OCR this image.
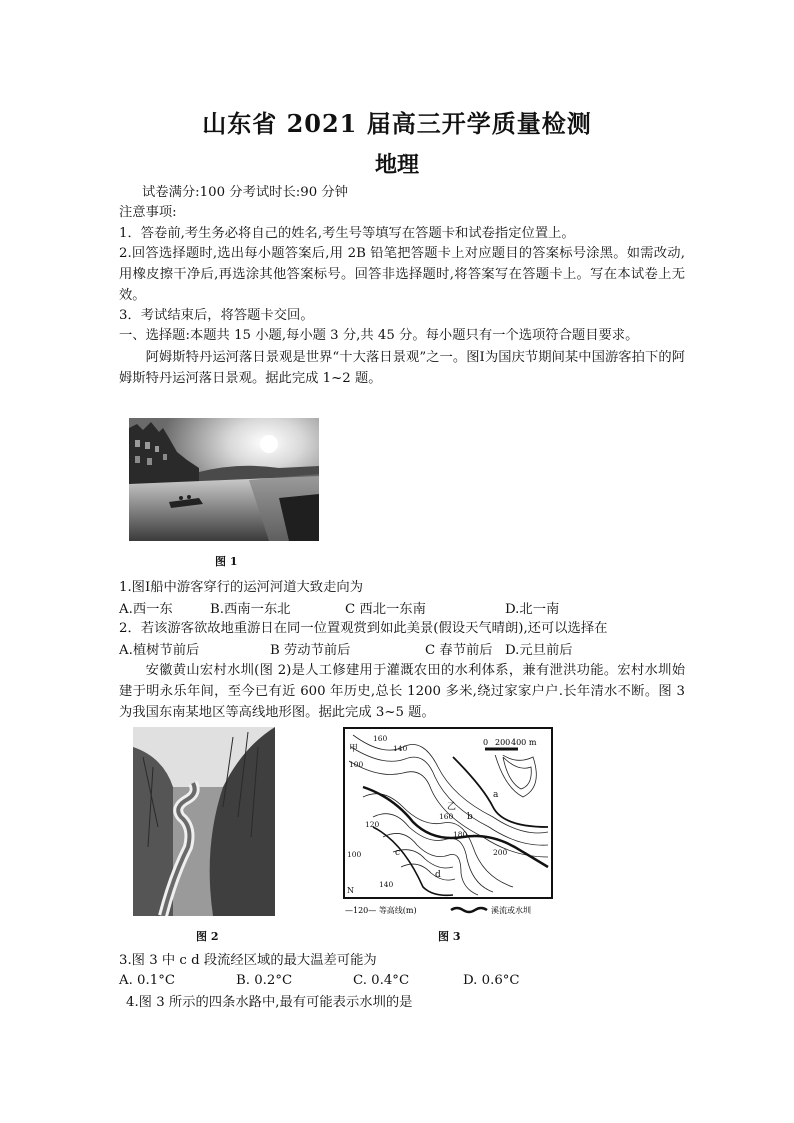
山东省 2021 届高三开学质量检测
地理
试卷满分:100 分考试时长:90 分钟
注意事项:
1．答卷前,考生务必将自己的姓名,考生号等填写在答题卡和试卷指定位置上。
2.回答选择题时,选出每小题答案后,用 2B 铅笔把答题卡上对应题目的答案标号涂黑。如需改动,用橡皮擦干净后,再选涂其他答案标号。回答非选择题时,将答案写在答题卡上。写在本试卷上无效。
3．考试结束后，将答题卡交回。
一、选择题:本题共 15 小题,每小题 3 分,共 45 分。每小题只有一个选项符合题目要求。
阿姆斯特丹运河落日景观是世界“十大落日景观”之一。图Ⅰ为国庆节期间某中国游客拍下的阿姆斯特丹运河落日景观。据此完成 1~2 题。
图 1
1.图Ⅰ船中游客穿行的运河河道大致走向为
A.西一东	B.西南一东北	C 西北一东南	D.北一南
2．若该游客欲故地重游日在同一位置观赏到如此美景(假设天气晴朗),还可以选择在
A.植树节前后	B 劳动节前后	C 春节前后 D.元旦前后
安徽黄山宏村水圳(图 2)是人工修建用于灌溉农田的水利体系，兼有泄洪功能。宏村水圳始建于明永乐年间，至今已有近 600 年历史,总长 1200 多米,绕过家家户户.长年清水不断。图 3 为我国东南某地区等高线地形图。据此完成 3~5 题。
图 2
0 200 400 m
160
140
100
120
100
160
180
200
140
甲
乙
a
b
c
d
N
—120— 等高线(m)	溪流或水圳
图 3
3.图 3 中 c d 段流经区域的最大温差可能为
A. 0.1°C	B. 0.2°C	C. 0.4°C	D. 0.6°C
4.图 3 所示的四条水路中,最有可能表示水圳的是
